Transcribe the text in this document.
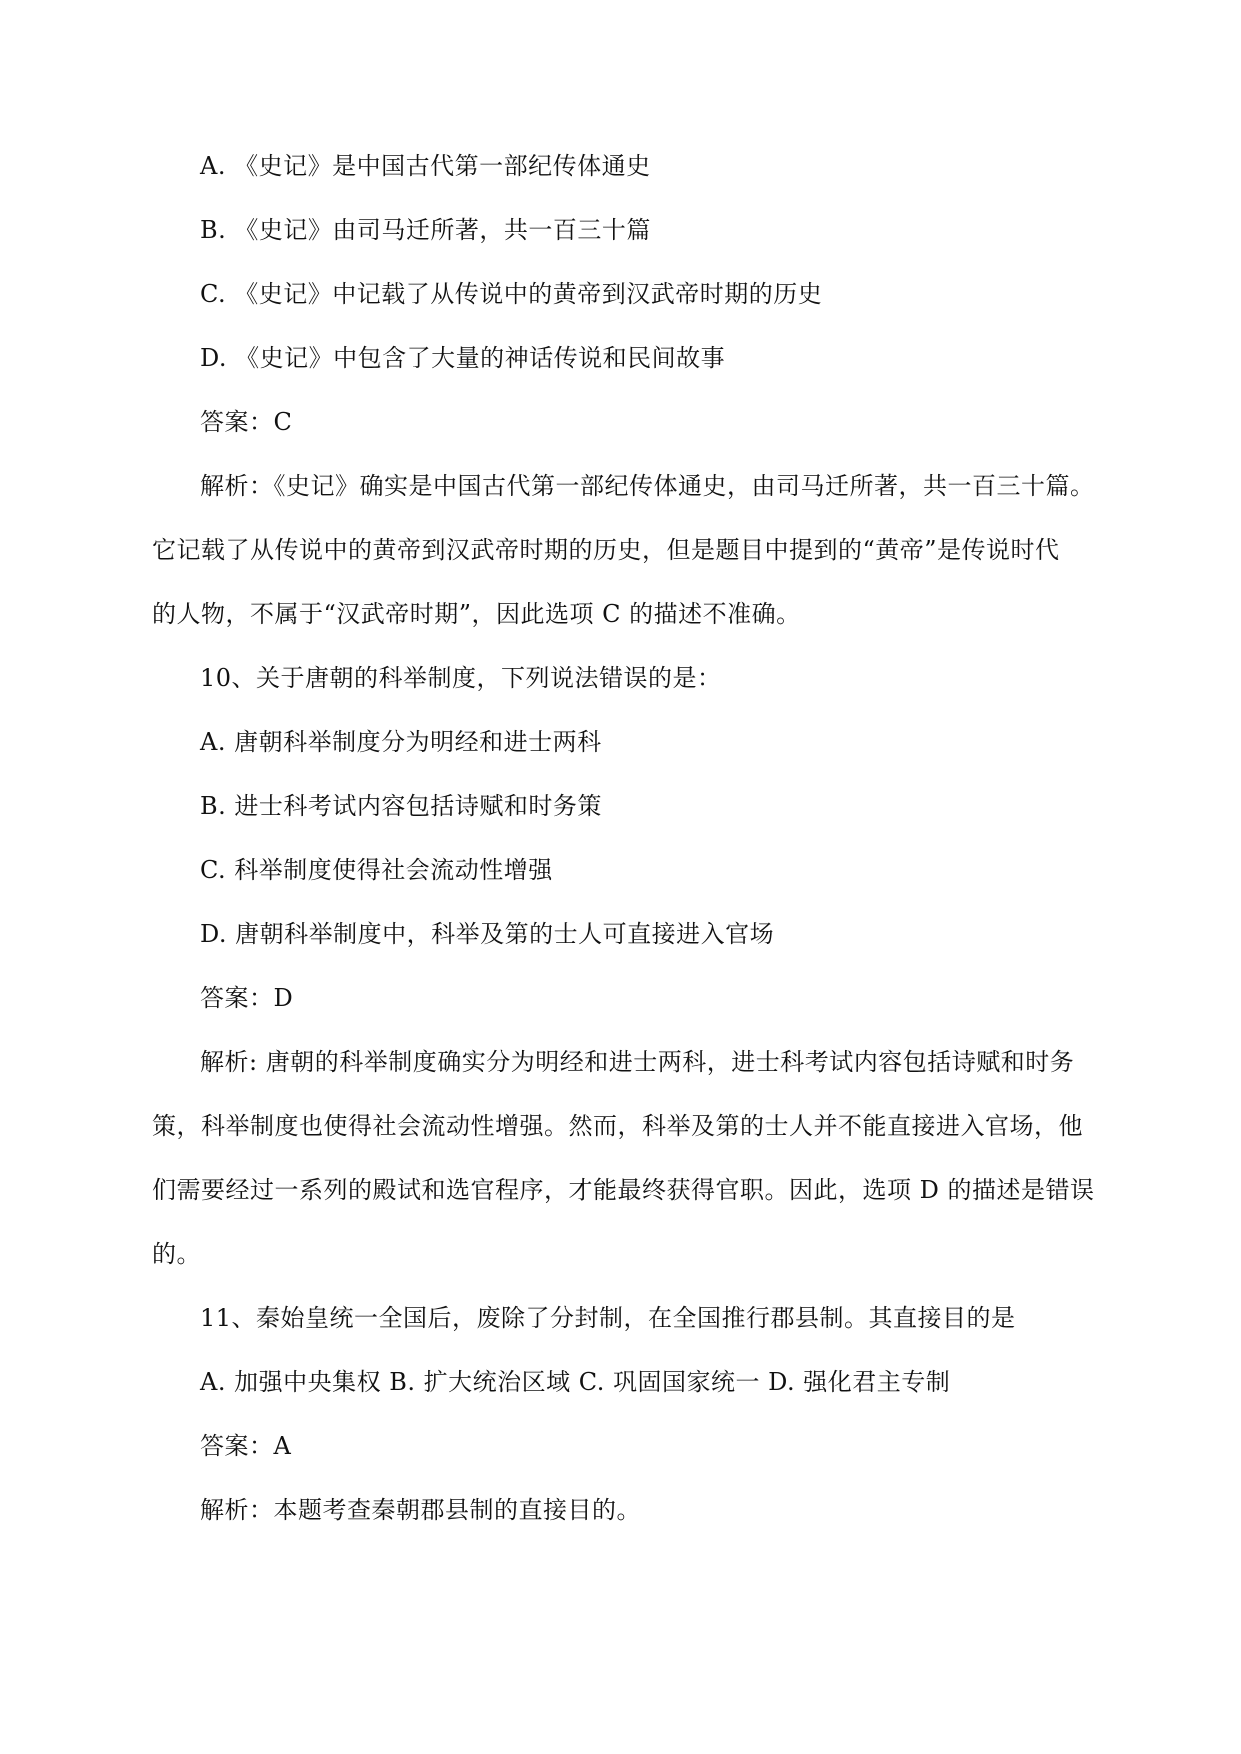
A. 《史记》是中国古代第一部纪传体通史
B. 《史记》由司马迁所著，共一百三十篇
C. 《史记》中记载了从传说中的黄帝到汉武帝时期的历史
D. 《史记》中包含了大量的神话传说和民间故事
答案：C
解析：《史记》确实是中国古代第一部纪传体通史，由司马迁所著，共一百三十篇。
它记载了从传说中的黄帝到汉武帝时期的历史，但是题目中提到的“黄帝”是传说时代
的人物，不属于“汉武帝时期”，因此选项 C 的描述不准确。
10、关于唐朝的科举制度，下列说法错误的是：
A. 唐朝科举制度分为明经和进士两科
B. 进士科考试内容包括诗赋和时务策
C. 科举制度使得社会流动性增强
D. 唐朝科举制度中，科举及第的士人可直接进入官场
答案：D
解析: 唐朝的科举制度确实分为明经和进士两科，进士科考试内容包括诗赋和时务
策，科举制度也使得社会流动性增强。然而，科举及第的士人并不能直接进入官场，他
们需要经过一系列的殿试和选官程序，才能最终获得官职。因此，选项 D 的描述是错误
的。
11、秦始皇统一全国后，废除了分封制，在全国推行郡县制。其直接目的是
A. 加强中央集权 B. 扩大统治区域 C. 巩固国家统一 D. 强化君主专制
答案：A
解析：本题考查秦朝郡县制的直接目的。
